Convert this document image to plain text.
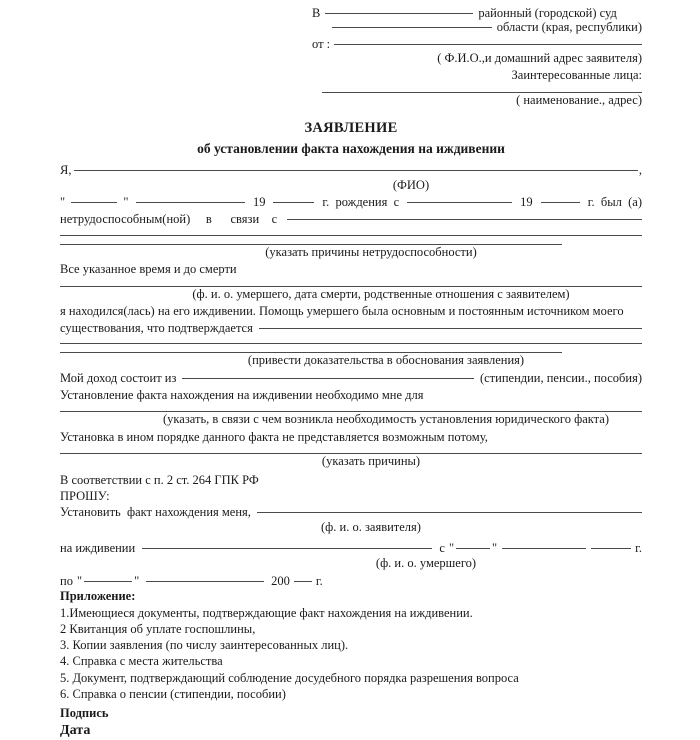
В	районный (городской) суд
области (края, республики)
от :
( Ф.И.О.,и домашний адрес заявителя)
Заинтересованные лица:
( наименование., адрес)
ЗАЯВЛЕНИЕ
об установлении факта нахождения на иждивении
Я,	,
(ФИО)
"	"	19	г.  рождения  с	19	г.  был  (а)
нетрудоспособным(ной)     в      связи    с
(указать причины нетрудоспособности)
Все указанное время и до смерти
(ф. и. о. умершего, дата смерти, родственные отношения с заявителем)
я находился(лась) на его иждивении. Помощь умершего была основным и постоянным источником моего
существования, что подтверждается
(привести доказательства в обоснования заявления)
Мой доход состоит из	(стипендии, пенсии., пособия)
Установление факта нахождения на иждивении необходимо мне для
(указать, в связи с чем возникла необходимость установления юридического факта)
Установка в ином порядке данного факта не представляется возможным потому,
(указать причины)
В соответствии с п. 2 ст. 264 ГПК РФ
ПРОШУ:
Установить  факт нахождения меня,
(ф. и. о. заявителя)
на иждивении	с "	"	г.
(ф. и. о. умершего)
по "	"	200 г.
Приложение:
1.Имеющиеся документы, подтверждающие факт нахождения на иждивении.
2 Квитанция об уплате госпошлины,
3. Копии заявления (по числу заинтересованных лиц).
4. Справка с места жительства
5. Документ, подтверждающий соблюдение досудебного порядка разрешения вопроса
6. Справка о пенсии (стипендии, пособии)
Подпись
Дата
